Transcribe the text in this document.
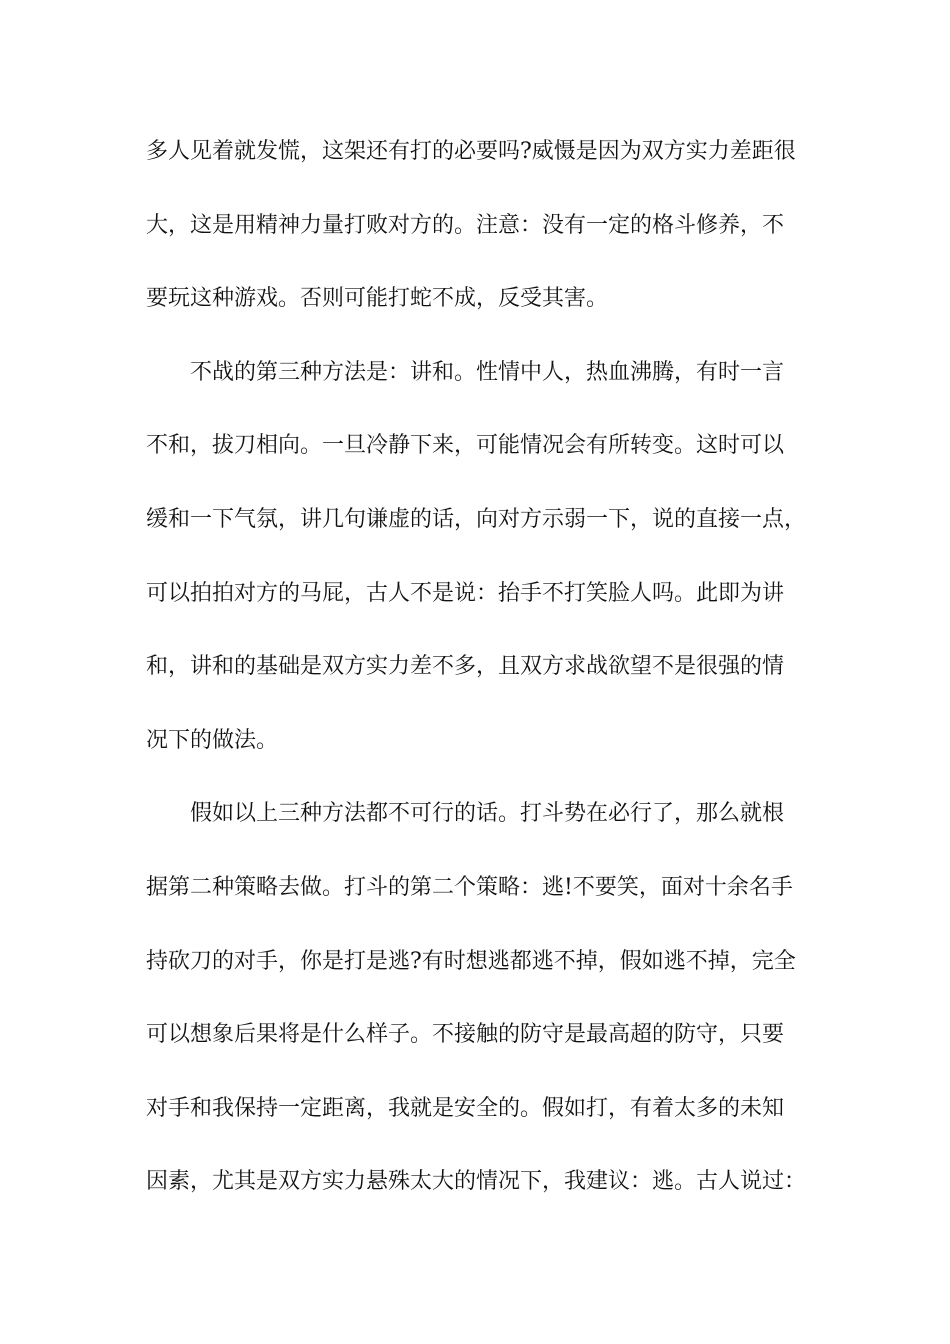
多人见着就发慌，这架还有打的必要吗?威慑是因为双方实力差距很
大，这是用精神力量打败对方的。注意：没有一定的格斗修养，不
要玩这种游戏。否则可能打蛇不成，反受其害。
不战的第三种方法是：讲和。性情中人，热血沸腾，有时一言
不和，拔刀相向。一旦冷静下来，可能情况会有所转变。这时可以
缓和一下气氛，讲几句谦虚的话，向对方示弱一下，说的直接一点，
可以拍拍对方的马屁，古人不是说：抬手不打笑脸人吗。此即为讲
和，讲和的基础是双方实力差不多，且双方求战欲望不是很强的情
况下的做法。
假如以上三种方法都不可行的话。打斗势在必行了，那么就根
据第二种策略去做。打斗的第二个策略：逃!不要笑，面对十余名手
持砍刀的对手，你是打是逃?有时想逃都逃不掉，假如逃不掉，完全
可以想象后果将是什么样子。不接触的防守是最高超的防守，只要
对手和我保持一定距离，我就是安全的。假如打，有着太多的未知
因素，尤其是双方实力悬殊太大的情况下，我建议：逃。古人说过：
